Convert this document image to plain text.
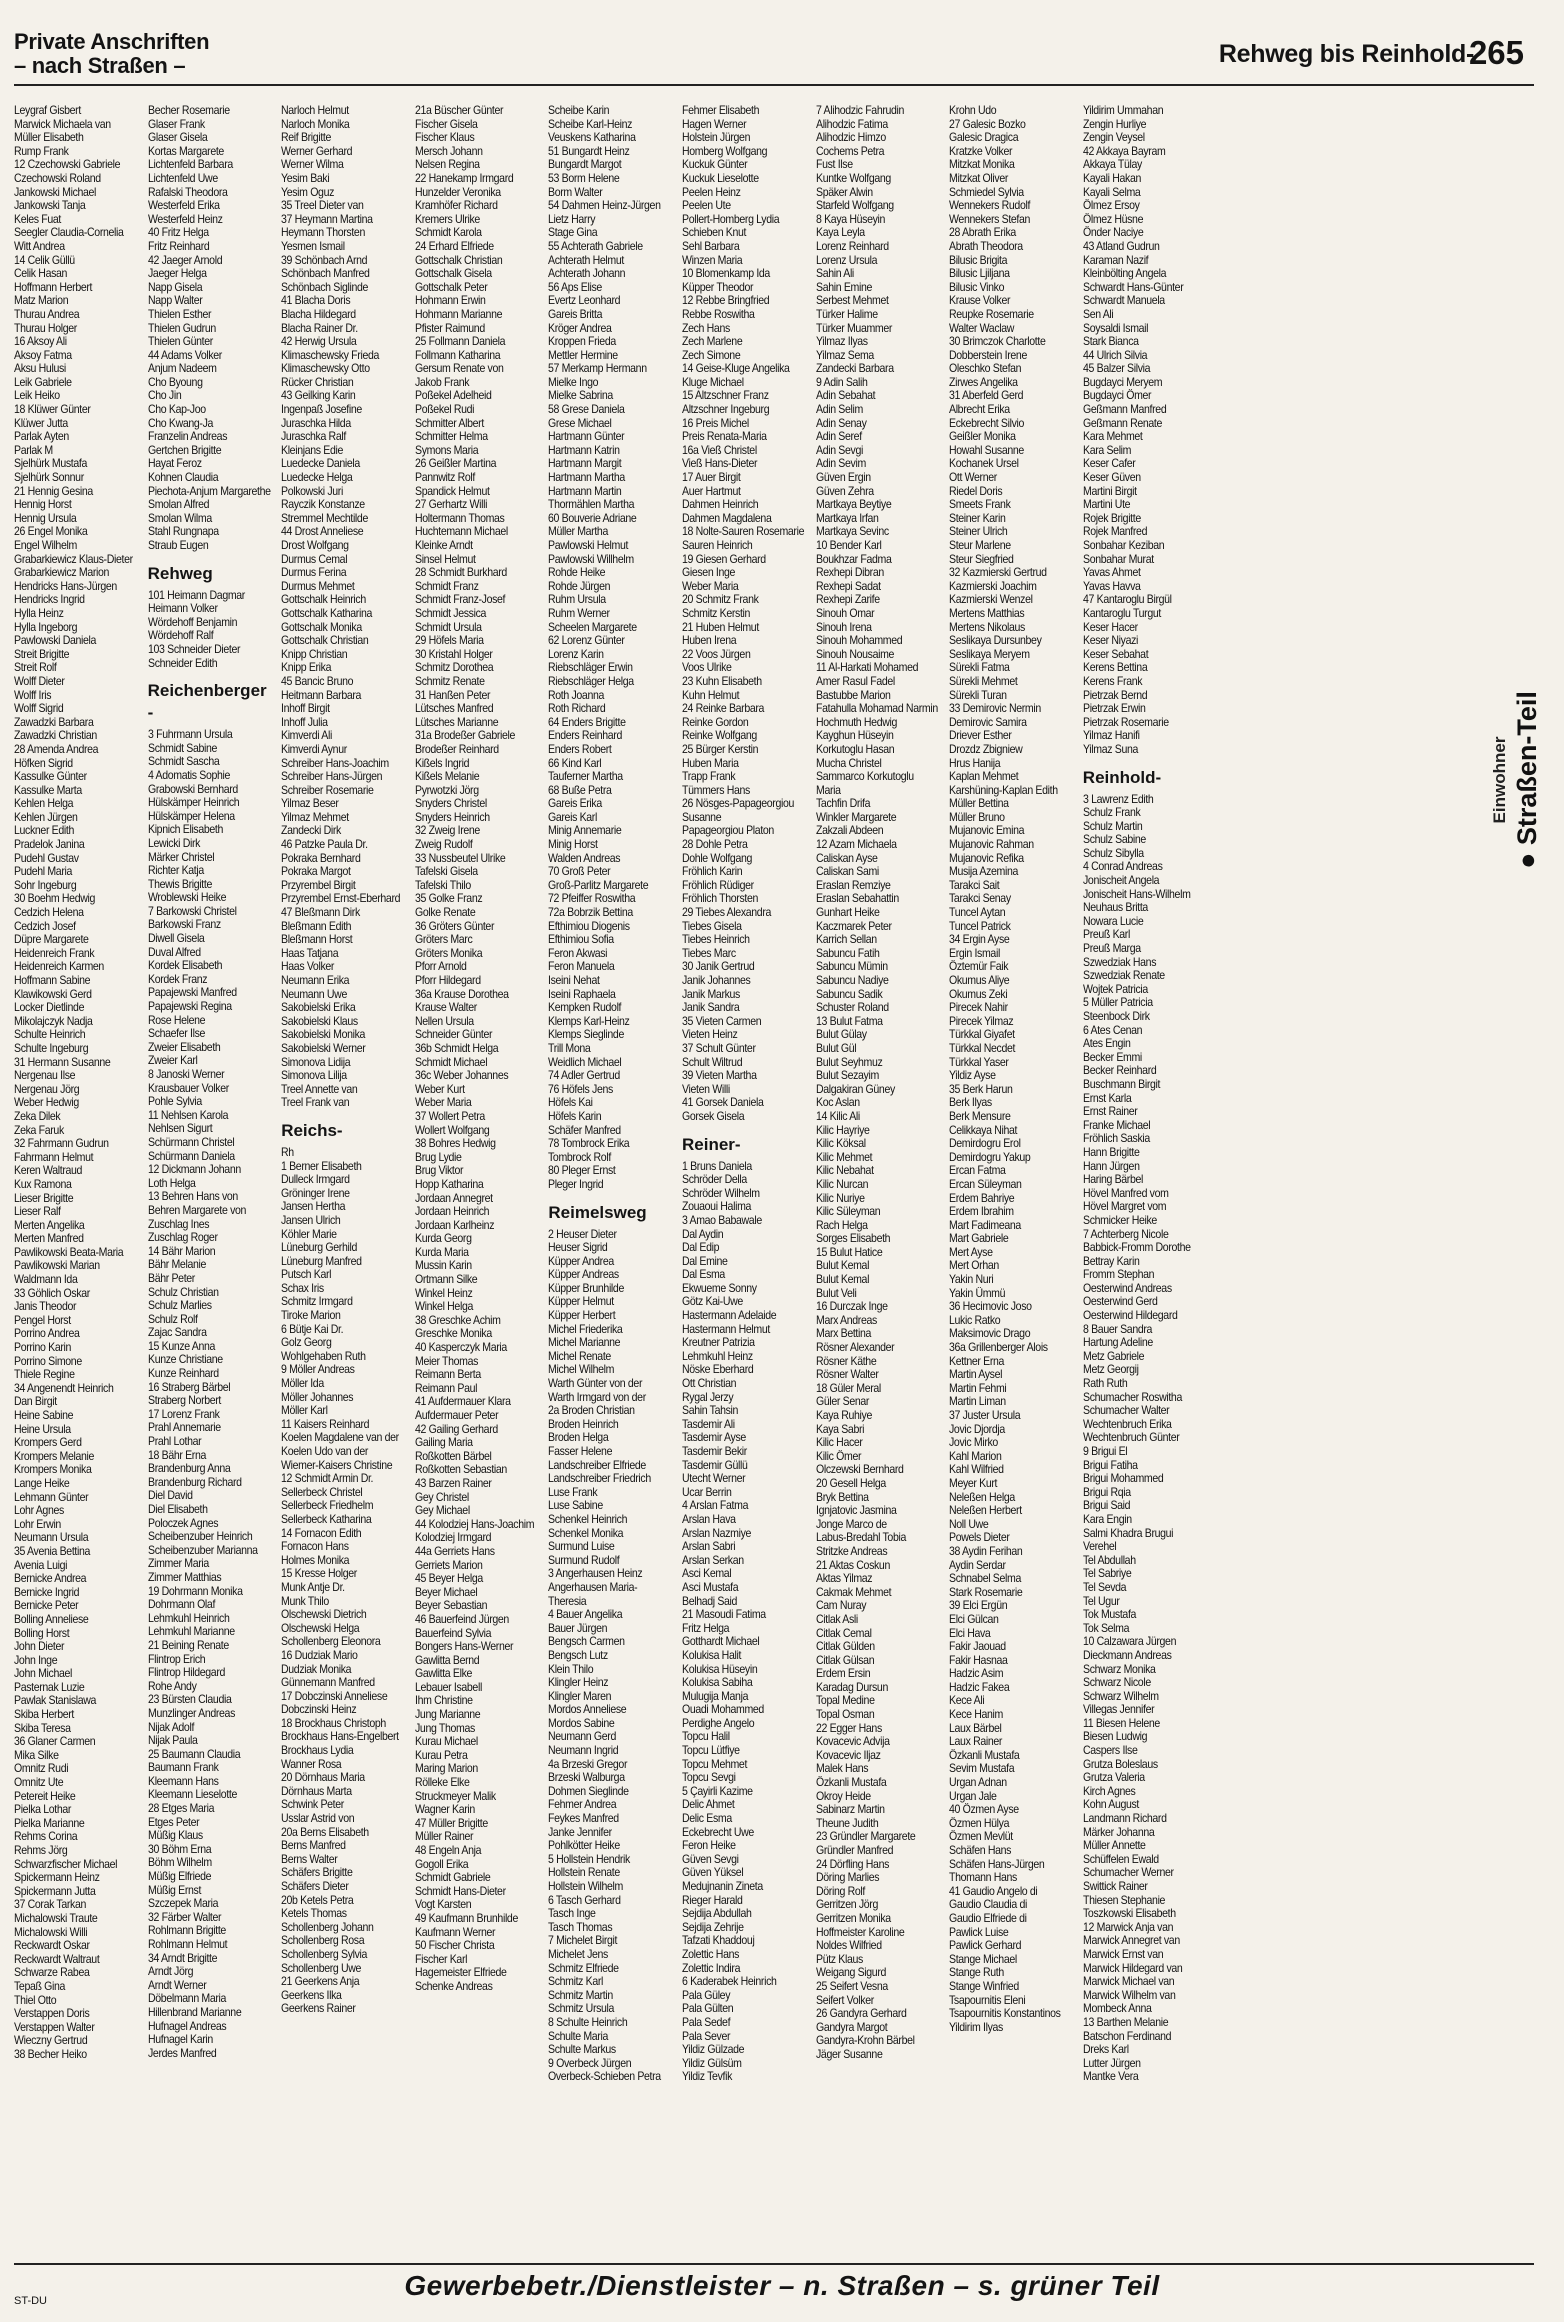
Private Anschriften
– nach Straßen –	Rehweg bis Reinhold-
265
Leygraf Gisbert
Marwick Michaela van
Müller Elisabeth
Rump Frank
12 Czechowski Gabriele
Czechowski Roland
Jankowski Michael
Jankowski Tanja
Keles Fuat
Seegler Claudia-Cornelia
Witt Andrea
14 Celik Güllü
Celik Hasan
Hoffmann Herbert
Matz Marion
Thurau Andrea
Thurau Holger
16 Aksoy Ali
Aksoy Fatma
Aksu Hulusi
Leik Gabriele
Leik Heiko
18 Klüwer Günter
Klüwer Jutta
Parlak Ayten
Parlak M
Sjelhürk Mustafa
Sjelhürk Sonnur
21 Hennig Gesina
Hennig Horst
Hennig Ursula
26 Engel Monika
Engel Wilhelm
Grabarkiewicz Klaus-Dieter
Grabarkiewicz Marion
Hendricks Hans-Jürgen
Hendricks Ingrid
Hylla Heinz
Hylla Ingeborg
Pawlowski Daniela
Streit Brigitte
Streit Rolf
Wolff Dieter
Wolff Iris
Wolff Sigrid
Zawadzki Barbara
Zawadzki Christian
28 Amenda Andrea
Höfken Sigrid
Kassulke Günter
Kassulke Marta
Kehlen Helga
Kehlen Jürgen
Luckner Edith
Pradelok Janina
Pudehl Gustav
Pudehl Maria
Sohr Ingeburg
30 Boehm Hedwig
Cedzich Helena
Cedzich Josef
Düpre Margarete
Heidenreich Frank
Heidenreich Karmen
Hoffmann Sabine
Klawikowski Gerd
Locker Dietlinde
Mikolajczyk Nadja
Schulte Heinrich
Schulte Ingeburg
31 Hermann Susanne
Nergenau Ilse
Nergenau Jörg
Weber Hedwig
Zeka Dilek
Zeka Faruk
32 Fahrmann Gudrun
Fahrmann Helmut
Keren Waltraud
Kux Ramona
Lieser Brigitte
Lieser Ralf
Merten Angelika
Merten Manfred
Pawlikowski Beata-Maria
Pawlikowski Marian
Waldmann Ida
33 Göhlich Oskar
Janis Theodor
Pengel Horst
Porrino Andrea
Porrino Karin
Porrino Simone
Thiele Regine
34 Angenendt Heinrich
Dan Birgit
Heine Sabine
Heine Ursula
Krompers Gerd
Krompers Melanie
Krompers Monika
Lange Heike
Lehmann Günter
Lohr Agnes
Lohr Erwin
Neumann Ursula
35 Avenia Bettina
Avenia Luigi
Bernicke Andrea
Bernicke Ingrid
Bernicke Peter
Bolling Anneliese
Bolling Horst
John Dieter
John Inge
John Michael
Pasternak Luzie
Pawlak Stanislawa
Skiba Herbert
Skiba Teresa
36 Glaner Carmen
Mika Silke
Omnitz Rudi
Omnitz Ute
Petereit Heike
Pielka Lothar
Pielka Marianne
Rehms Corina
Rehms Jörg
Schwarzfischer Michael
Spickermann Heinz
Spickermann Jutta
37 Corak Tarkan
Michalowski Traute
Michalowski Willi
Reckwardt Oskar
Reckwardt Waltraut
Schwarze Rabea
Tepaß Gina
Thiel Otto
Verstappen Doris
Verstappen Walter
Wieczny Gertrud
38 Becher Heiko
Becher Rosemarie
Glaser Frank
Glaser Gisela
Kortas Margarete
Lichtenfeld Barbara
Lichtenfeld Uwe
Rafalski Theodora
Westerfeld Erika
Westerfeld Heinz
40 Fritz Helga
Fritz Reinhard
42 Jaeger Arnold
Jaeger Helga
Napp Gisela
Napp Walter
Thielen Esther
Thielen Gudrun
Thielen Günter
44 Adams Volker
Anjum Nadeem
Cho Byoung
Cho Jin
Cho Kap-Joo
Cho Kwang-Ja
Franzelin Andreas
Gertchen Brigitte
Hayat Feroz
Kohnen Claudia
Piechota-Anjum Margarethe
Smolan Alfred
Smolan Wilma
Stahl Rungnapa
Straub Eugen
Rehweg
101 Heimann Dagmar
Heimann Volker
Wördehoff Benjamin
Wördehoff Ralf
103 Schneider Dieter
Schneider Edith
Reichenberger -
3 Fuhrmann Ursula
Schmidt Sabine
Schmidt Sascha
4 Adomatis Sophie
Grabowski Bernhard
Hülskämper Heinrich
Hülskämper Helena
Kipnich Elisabeth
Lewicki Dirk
Märker Christel
Richter Katja
Thewis Brigitte
Wroblewski Heike
7 Barkowski Christel
Barkowski Franz
Diwell Gisela
Duval Alfred
Kordek Elisabeth
Kordek Franz
Papajewski Manfred
Papajewski Regina
Rose Helene
Schaefer Ilse
Zweier Elisabeth
Zweier Karl
8 Janoski Werner
Krausbauer Volker
Pohle Sylvia
11 Nehlsen Karola
Nehlsen Sigurt
Schürmann Christel
Schürmann Daniela
12 Dickmann Johann
Loth Helga
13 Behren Hans von
Behren Margarete von
Zuschlag Ines
Zuschlag Roger
14 Bähr Marion
Bähr Melanie
Bähr Peter
Schulz Christian
Schulz Marlies
Schulz Rolf
Zajac Sandra
15 Kunze Anna
Kunze Christiane
Kunze Reinhard
16 Straberg Bärbel
Straberg Norbert
17 Lorenz Frank
Prahl Annemarie
Prahl Lothar
18 Bähr Erna
Brandenburg Anna
Brandenburg Richard
Diel David
Diel Elisabeth
Poloczek Agnes
Scheibenzuber Heinrich
Scheibenzuber Marianna
Zimmer Maria
Zimmer Matthias
19 Dohrmann Monika
Dohrmann Olaf
Lehmkuhl Heinrich
Lehmkuhl Marianne
21 Beining Renate
Flintrop Erich
Flintrop Hildegard
Rohe Andy
23 Bürsten Claudia
Munzlinger Andreas
Nijak Adolf
Nijak Paula
25 Baumann Claudia
Baumann Frank
Kleemann Hans
Kleemann Lieselotte
28 Etges Maria
Etges Peter
Müßig Klaus
30 Böhm Erna
Böhm Wilhelm
Müßig Elfriede
Müßig Ernst
Szczepek Maria
32 Färber Walter
Rohlmann Brigitte
Rohlmann Helmut
34 Arndt Brigitte
Arndt Jörg
Arndt Werner
Döbelmann Maria
Hillenbrand Marianne
Hufnagel Andreas
Hufnagel Karin
Jerdes Manfred
Narloch Helmut
Narloch Monika
Reif Brigitte
Werner Gerhard
Werner Wilma
Yesim Baki
Yesim Oguz
35 Treel Dieter van
37 Heymann Martina
Heymann Thorsten
Yesmen Ismail
39 Schönbach Arnd
Schönbach Manfred
Schönbach Siglinde
41 Blacha Doris
Blacha Hildegard
Blacha Rainer Dr.
42 Herwig Ursula
Klimaschewsky Frieda
Klimaschewsky Otto
Rücker Christian
43 Geilking Karin
Ingenpaß Josefine
Juraschka Hilda
Juraschka Ralf
Kleinjans Edie
Luedecke Daniela
Luedecke Helga
Polkowski Juri
Rayczik Konstanze
Stremmel Mechtilde
44 Drost Anneliese
Drost Wolfgang
Durmus Cemal
Durmus Ferina
Durmus Mehmet
Gottschalk Heinrich
Gottschalk Katharina
Gottschalk Monika
Gottschalk Christian
Knipp Christian
Knipp Erika
45 Bancic Bruno
Heitmann Barbara
Inhoff Birgit
Inhoff Julia
Kimverdi Ali
Kimverdi Aynur
Schreiber Hans-Joachim
Schreiber Hans-Jürgen
Schreiber Rosemarie
Yilmaz Beser
Yilmaz Mehmet
Zandecki Dirk
46 Patzke Paula Dr.
Pokraka Bernhard
Pokraka Margot
Przyrembel Birgit
Przyrembel Ernst-Eberhard
47 Bleßmann Dirk
Bleßmann Edith
Bleßmann Horst
Haas Tatjana
Haas Volker
Neumann Erika
Neumann Uwe
Sakobielski Erika
Sakobielski Klaus
Sakobielski Monika
Sakobielski Werner
Simonova Lidija
Simonova Lilija
Treel Annette van
Treel Frank van
Reichs-
Rh
1 Berner Elisabeth
Dulleck Irmgard
Gröninger Irene
Jansen Hertha
Jansen Ulrich
Köhler Marie
Lüneburg Gerhild
Lüneburg Manfred
Putsch Karl
Schax Iris
Schmitz Irmgard
Tiroke Marion
6 Bütje Kai Dr.
Golz Georg
Wohlgehaben Ruth
9 Möller Andreas
Möller Ida
Möller Johannes
Möller Karl
11 Kaisers Reinhard
Koelen Magdalene van der
Koelen Udo van der
Wiemer-Kaisers Christine
12 Schmidt Armin Dr.
Sellerbeck Christel
Sellerbeck Friedhelm
Sellerbeck Katharina
14 Fornacon Edith
Fornacon Hans
Holmes Monika
15 Kresse Holger
Munk Antje Dr.
Munk Thilo
Olschewski Dietrich
Olschewski Helga
Schollenberg Eleonora
16 Dudziak Mario
Dudziak Monika
Günnemann Manfred
17 Dobczinski Anneliese
Dobczinski Heinz
18 Brockhaus Christoph
Brockhaus Hans-Engelbert
Brockhaus Lydia
Wanner Rosa
20 Dörnhaus Maria
Dörnhaus Marta
Schwink Peter
Usslar Astrid von
20a Berns Elisabeth
Berns Manfred
Berns Walter
Schäfers Brigitte
Schäfers Dieter
20b Ketels Petra
Ketels Thomas
Schollenberg Johann
Schollenberg Rosa
Schollenberg Sylvia
Schollenberg Uwe
21 Geerkens Anja
Geerkens Ilka
Geerkens Rainer
21a Büscher Günter
Fischer Gisela
Fischer Klaus
Mersch Johann
Nelsen Regina
22 Hanekamp Irmgard
Hunzelder Veronika
Kramhöfer Richard
Kremers Ulrike
Schmidt Karola
24 Erhard Elfriede
Gottschalk Christian
Gottschalk Gisela
Gottschalk Peter
Hohmann Erwin
Hohmann Marianne
Pfister Raimund
25 Follmann Daniela
Follmann Katharina
Gersum Renate von
Jakob Frank
Poßekel Adelheid
Poßekel Rudi
Schmitter Albert
Schmitter Helma
Symons Maria
26 Geißler Martina
Pannwitz Rolf
Spandick Helmut
27 Gerhartz Willi
Holtermann Thomas
Huchtemann Michael
Kleinke Arndt
Sinsel Helmut
28 Schmidt Burkhard
Schmidt Franz
Schmidt Franz-Josef
Schmidt Jessica
Schmidt Ursula
29 Höfels Maria
30 Kristahl Holger
Schmitz Dorothea
Schmitz Renate
31 Hanßen Peter
Lütsches Manfred
Lütsches Marianne
31a Brodeßer Gabriele
Brodeßer Reinhard
Kißels Ingrid
Kißels Melanie
Pyrwotzki Jörg
Snyders Christel
Snyders Heinrich
32 Zweig Irene
Zweig Rudolf
33 Nussbeutel Ulrike
Tafelski Gisela
Tafelski Thilo
35 Golke Franz
Golke Renate
36 Gröters Günter
Gröters Marc
Gröters Monika
Pforr Arnold
Pforr Hildegard
36a Krause Dorothea
Krause Walter
Nellen Ursula
Schneider Günter
36b Schmidt Helga
Schmidt Michael
36c Weber Johannes
Weber Kurt
Weber Maria
37 Wollert Petra
Wollert Wolfgang
38 Bohres Hedwig
Brug Lydie
Brug Viktor
Hopp Katharina
Jordaan Annegret
Jordaan Heinrich
Jordaan Karlheinz
Kurda Georg
Kurda Maria
Mussin Karin
Ortmann Silke
Winkel Heinz
Winkel Helga
38 Greschke Achim
Greschke Monika
40 Kasperczyk Maria
Meier Thomas
Reimann Berta
Reimann Paul
41 Aufdermauer Klara
Aufdermauer Peter
42 Gailing Gerhard
Gailing Maria
Roßkotten Bärbel
Roßkotten Sebastian
43 Barzen Rainer
Gey Christel
Gey Michael
44 Kolodziej Hans-Joachim
Kolodziej Irmgard
44a Gerriets Hans
Gerriets Marion
45 Beyer Helga
Beyer Michael
Beyer Sebastian
46 Bauerfeind Jürgen
Bauerfeind Sylvia
Bongers Hans-Werner
Gawlitta Bernd
Gawlitta Elke
Lebauer Isabell
Ihm Christine
Jung Marianne
Jung Thomas
Kurau Michael
Kurau Petra
Maring Marion
Rölleke Elke
Struckmeyer Malik
Wagner Karin
47 Müller Brigitte
Müller Rainer
48 Engeln Anja
Gogoll Erika
Schmidt Gabriele
Schmidt Hans-Dieter
Vogt Karsten
49 Kaufmann Brunhilde
Kaufmann Werner
50 Fischer Christa
Fischer Karl
Hagemeister Elfriede
Schenke Andreas
Scheibe Karin
Scheibe Karl-Heinz
Veuskens Katharina
51 Bungardt Heinz
Bungardt Margot
53 Borm Helene
Borm Walter
54 Dahmen Heinz-Jürgen
Lietz Harry
Stage Gina
55 Achterath Gabriele
Achterath Helmut
Achterath Johann
56 Aps Elise
Evertz Leonhard
Gareis Britta
Kröger Andrea
Kroppen Frieda
Mettler Hermine
57 Merkamp Hermann
Mielke Ingo
Mielke Sabrina
58 Grese Daniela
Grese Michael
Hartmann Günter
Hartmann Katrin
Hartmann Margit
Hartmann Martha
Hartmann Martin
Thormählen Martha
60 Bouverie Adriane
Müller Martha
Pawlowski Helmut
Pawlowski Willhelm
Rohde Heike
Rohde Jürgen
Ruhm Ursula
Ruhm Werner
Scheelen Margarete
62 Lorenz Günter
Lorenz Karin
Riebschläger Erwin
Riebschläger Helga
Roth Joanna
Roth Richard
64 Enders Brigitte
Enders Reinhard
Enders Robert
66 Kind Karl
Tauferner Martha
68 Buße Petra
Gareis Erika
Gareis Karl
Minig Annemarie
Minig Horst
Walden Andreas
70 Groß Peter
Groß-Parlitz Margarete
72 Pfeiffer Roswitha
72a Bobrzik Bettina
Efthimiou Diogenis
Efthimiou Sofia
Feron Akwasi
Feron Manuela
Iseini Nehat
Iseini Raphaela
Kempken Rudolf
Klemps Karl-Heinz
Klemps Sieglinde
Trill Mona
Weidlich Michael
74 Adler Gertrud
76 Höfels Jens
Höfels Kai
Höfels Karin
Schäfer Manfred
78 Tombrock Erika
Tombrock Rolf
80 Pleger Ernst
Pleger Ingrid
Reimelsweg
2 Heuser Dieter
Heuser Sigrid
Küpper Andrea
Küpper Andreas
Küpper Brunhilde
Küpper Helmut
Küpper Herbert
Michel Friederika
Michel Marianne
Michel Renate
Michel Wilhelm
Warth Günter von der
Warth Irmgard von der
2a Broden Christian
Broden Heinrich
Broden Helga
Fasser Helene
Landschreiber Elfriede
Landschreiber Friedrich
Luse Frank
Luse Sabine
Schenkel Heinrich
Schenkel Monika
Surmund Luise
Surmund Rudolf
3 Angerhausen Heinz
Angerhausen Maria-
Theresia
4 Bauer Angelika
Bauer Jürgen
Bengsch Carmen
Bengsch Lutz
Klein Thilo
Klingler Heinz
Klingler Maren
Mordos Anneliese
Mordos Sabine
Neumann Gerd
Neumann Ingrid
4a Brzeski Gregor
Brzeski Walburga
Dohmen Sieglinde
Fehmer Andrea
Feykes Manfred
Janke Jennifer
Pohlkötter Heike
5 Hollstein Hendrik
Hollstein Renate
Hollstein Wilhelm
6 Tasch Gerhard
Tasch Inge
Tasch Thomas
7 Michelet Birgit
Michelet Jens
Schmitz Elfriede
Schmitz Karl
Schmitz Martin
Schmitz Ursula
8 Schulte Heinrich
Schulte Maria
Schulte Markus
9 Overbeck Jürgen
Overbeck-Schieben Petra
Fehmer Elisabeth
Hagen Werner
Holstein Jürgen
Homberg Wolfgang
Kuckuk Günter
Kuckuk Lieselotte
Peelen Heinz
Peelen Ute
Pollert-Homberg Lydia
Schieben Knut
Sehl Barbara
Winzen Maria
10 Blomenkamp Ida
Küpper Theodor
12 Rebbe Bringfried
Rebbe Roswitha
Zech Hans
Zech Marlene
Zech Simone
14 Geise-Kluge Angelika
Kluge Michael
15 Altzschner Franz
Altzschner Ingeburg
16 Preis Michel
Preis Renata-Maria
16a Vieß Christel
Vieß Hans-Dieter
17 Auer Birgit
Auer Hartmut
Dahmen Heinrich
Dahmen Magdalena
18 Nolte-Sauren Rosemarie
Sauren Heinrich
19 Giesen Gerhard
Giesen Inge
Weber Maria
20 Schmitz Frank
Schmitz Kerstin
21 Huben Helmut
Huben Irena
22 Voos Jürgen
Voos Ulrike
23 Kuhn Elisabeth
Kuhn Helmut
24 Reinke Barbara
Reinke Gordon
Reinke Wolfgang
25 Bürger Kerstin
Huben Maria
Trapp Frank
Tümmers Hans
26 Nösges-Papageorgiou
Susanne
Papageorgiou Platon
28 Dohle Petra
Dohle Wolfgang
Fröhlich Karin
Fröhlich Rüdiger
Fröhlich Thorsten
29 Tiebes Alexandra
Tiebes Gisela
Tiebes Heinrich
Tiebes Marc
30 Janik Gertrud
Janik Johannes
Janik Markus
Janik Sandra
35 Vieten Carmen
Vieten Heinz
37 Schult Günter
Schult Wiltrud
39 Vieten Martha
Vieten Willi
41 Gorsek Daniela
Gorsek Gisela
Reiner-
1 Bruns Daniela
Schröder Della
Schröder Wilhelm
Zouaoui Halima
3 Amao Babawale
Dal Aydin
Dal Edip
Dal Emine
Dal Esma
Ekwueme Sonny
Götz Kai-Uwe
Hastermann Adelaide
Hastermann Helmut
Kreutner Patrizia
Lehmkuhl Heinz
Nöske Eberhard
Ott Christian
Rygal Jerzy
Sahin Tahsin
Tasdemir Ali
Tasdemir Ayse
Tasdemir Bekir
Tasdemir Güllü
Utecht Werner
Ucar Berrin
4 Arslan Fatma
Arslan Hava
Arslan Nazmiye
Arslan Sabri
Arslan Serkan
Asci Kemal
Asci Mustafa
Belhadj Said
21 Masoudi Fatima
Fritz Helga
Gotthardt Michael
Kolukisa Halit
Kolukisa Hüseyin
Kolukisa Sabiha
Mulugija Manja
Ouadi Mohammed
Perdighe Angelo
Topcu Halil
Topcu Lütfiye
Topcu Mehmet
Topcu Sevgi
5 Çayirli Kazime
Delic Ahmet
Delic Esma
Eckebrecht Uwe
Feron Heike
Güven Sevgi
Güven Yüksel
Medujnanin Zineta
Rieger Harald
Sejdija Abdullah
Sejdija Zehrije
Tafzati Khaddouj
Zolettic Hans
Zolettic Indira
6 Kaderabek Heinrich
Pala Güley
Pala Gülten
Pala Sedef
Pala Sever
Yildiz Gülzade
Yildiz Gülsüm
Yildiz Tevfik
7 Alihodzic Fahrudin
Alihodzic Fatima
Alihodzic Himzo
Cochems Petra
Fust Ilse
Kuntke Wolfgang
Späker Alwin
Starfeld Wolfgang
8 Kaya Hüseyin
Kaya Leyla
Lorenz Reinhard
Lorenz Ursula
Sahin Ali
Sahin Emine
Serbest Mehmet
Türker Halime
Türker Muammer
Yilmaz Ilyas
Yilmaz Sema
Zandecki Barbara
9 Adin Salih
Adin Sebahat
Adin Selim
Adin Senay
Adin Seref
Adin Sevgi
Adin Sevim
Güven Ergin
Güven Zehra
Martkaya Beytiye
Martkaya Irfan
Martkaya Sevinc
10 Bender Karl
Boukhzar Fadma
Rexhepi Dibran
Rexhepi Sadat
Rexhepi Zarife
Sinouh Omar
Sinouh Irena
Sinouh Mohammed
Sinouh Nousaime
11 Al-Harkati Mohamed
Amer Rasul Fadel
Bastubbe Marion
Fatahulla Mohamad Narmin
Hochmuth Hedwig
Kayghun Hüseyin
Korkutoglu Hasan
Mucha Christel
Sammarco Korkutoglu
Maria
Tachfin Drifa
Winkler Margarete
Zakzali Abdeen
12 Azam Michaela
Caliskan Ayse
Caliskan Sami
Eraslan Remziye
Eraslan Sebahattin
Gunhart Heike
Kaczmarek Peter
Karrich Sellan
Sabuncu Fatih
Sabuncu Mümin
Sabuncu Nadiye
Sabuncu Sadik
Schuster Roland
13 Bulut Fatma
Bulut Gülay
Bulut Gül
Bulut Seyhmuz
Bulut Sezayim
Dalgakiran Güney
Koc Aslan
14 Kilic Ali
Kilic Hayriye
Kilic Köksal
Kilic Mehmet
Kilic Nebahat
Kilic Nurcan
Kilic Nuriye
Kilic Süleyman
Rach Helga
Sorges Elisabeth
15 Bulut Hatice
Bulut Kemal
Bulut Kemal
Bulut Veli
16 Durczak Inge
Marx Andreas
Marx Bettina
Rösner Alexander
Rösner Käthe
Rösner Walter
18 Güler Meral
Güler Senar
Kaya Ruhiye
Kaya Sabri
Kilic Hacer
Kilic Ömer
Olczewski Bernhard
20 Gesell Helga
Bryk Bettina
Ignjatovic Jasmina
Jonge Marco de
Labus-Bredahl Tobia
Stritzke Andreas
21 Aktas Coskun
Aktas Yilmaz
Cakmak Mehmet
Cam Nuray
Citlak Asli
Citlak Cemal
Citlak Gülden
Citlak Gülsan
Erdem Ersin
Karadag Dursun
Topal Medine
Topal Osman
22 Egger Hans
Kovacevic Advija
Kovacevic Iljaz
Malek Hans
Özkanli Mustafa
Okroy Heide
Sabinarz Martin
Theune Judith
23 Gründler Margarete
Gründler Manfred
24 Dörfling Hans
Döring Marlies
Döring Rolf
Gerritzen Jörg
Gerritzen Monika
Hoffmeister Karoline
Noldes Wilfried
Pütz Klaus
Weigang Sigurd
25 Seifert Vesna
Seifert Volker
26 Gandyra Gerhard
Gandyra Margot
Gandyra-Krohn Bärbel
Jäger Susanne
Krohn Udo
27 Galesic Bozko
Galesic Dragica
Kratzke Volker
Mitzkat Monika
Mitzkat Oliver
Schmiedel Sylvia
Wennekers Rudolf
Wennekers Stefan
28 Abrath Erika
Abrath Theodora
Bilusic Brigita
Bilusic Ljiljana
Bilusic Vinko
Krause Volker
Reupke Rosemarie
Walter Waclaw
30 Brimczok Charlotte
Dobberstein Irene
Oleschko Stefan
Zirwes Angelika
31 Aberfeld Gerd
Albrecht Erika
Eckebrecht Silvio
Geißler Monika
Howahl Susanne
Kochanek Ursel
Ott Werner
Riedel Doris
Smeets Frank
Steiner Karin
Steiner Ulrich
Steur Marlene
Steur Siegfried
32 Kazmierski Gertrud
Kazmierski Joachim
Kazmierski Wenzel
Mertens Matthias
Mertens Nikolaus
Seslikaya Dursunbey
Seslikaya Meryem
Sürekli Fatma
Sürekli Mehmet
Sürekli Turan
33 Demirovic Nermin
Demirovic Samira
Driever Esther
Drozdz Zbigniew
Hrus Hanija
Kaplan Mehmet
Karshüning-Kaplan Edith
Müller Bettina
Müller Bruno
Mujanovic Emina
Mujanovic Rahman
Mujanovic Refika
Musija Azemina
Tarakci Sait
Tarakci Senay
Tuncel Aytan
Tuncel Patrick
34 Ergin Ayse
Ergin Ismail
Öztemür Faik
Okumus Aliye
Okumus Zeki
Pirecek Nahir
Pirecek Yilmaz
Türkkal Giyafet
Türkkal Necdet
Türkkal Yaser
Yildiz Ayse
35 Berk Harun
Berk Ilyas
Berk Mensure
Celikkaya Nihat
Demirdogru Erol
Demirdogru Yakup
Ercan Fatma
Ercan Süleyman
Erdem Bahriye
Erdem Ibrahim
Mart Fadimeana
Mart Gabriele
Mert Ayse
Mert Orhan
Yakin Nuri
Yakin Ümmü
36 Hecimovic Joso
Lukic Ratko
Maksimovic Drago
36a Grillenberger Alois
Kettner Erna
Martin Aysel
Martin Fehmi
Martin Liman
37 Juster Ursula
Jovic Djordja
Jovic Mirko
Kahl Marion
Kahl Wilfried
Meyer Kurt
Neleßen Helga
Neleßen Herbert
Noll Uwe
Powels Dieter
38 Aydin Ferihan
Aydin Serdar
Schnabel Selma
Stark Rosemarie
39 Elci Ergün
Elci Gülcan
Elci Hava
Fakir Jaouad
Fakir Hasnaa
Hadzic Asim
Hadzic Fakea
Kece Ali
Kece Hanim
Laux Bärbel
Laux Rainer
Özkanli Mustafa
Sevim Mustafa
Urgan Adnan
Urgan Jale
40 Özmen Ayse
Özmen Hülya
Özmen Mevlüt
Schäfen Hans
Schäfen Hans-Jürgen
Thomann Hans
41 Gaudio Angelo di
Gaudio Claudia di
Gaudio Elfriede di
Pawlick Luise
Pawlick Gerhard
Stange Michael
Stange Ruth
Stange Winfried
Tsapournitis Eleni
Tsapournitis Konstantinos
Yildirim Ilyas
Yildirim Ummahan
Zengin Hurliye
Zengin Veysel
42 Akkaya Bayram
Akkaya Tülay
Kayali Hakan
Kayali Selma
Ölmez Ersoy
Ölmez Hüsne
Önder Naciye
43 Atland Gudrun
Karaman Nazif
Kleinbölting Angela
Schwardt Hans-Günter
Schwardt Manuela
Sen Ali
Soysaldi Ismail
Stark Bianca
44 Ulrich Silvia
45 Balzer Silvia
Bugdayci Meryem
Bugdayci Ömer
Geßmann Manfred
Geßmann Renate
Kara Mehmet
Kara Selim
Keser Cafer
Keser Güven
Martini Birgit
Martini Ute
Rojek Brigitte
Rojek Manfred
Sonbahar Keziban
Sonbahar Murat
Yavas Ahmet
Yavas Havva
47 Kantaroglu Birgül
Kantaroglu Turgut
Keser Hacer
Keser Niyazi
Keser Sebahat
Kerens Bettina
Kerens Frank
Pietrzak Bernd
Pietrzak Erwin
Pietrzak Rosemarie
Yilmaz Hanifi
Yilmaz Suna
Reinhold-
3 Lawrenz Edith
Schulz Frank
Schulz Martin
Schulz Sabine
Schulz Sibylla
4 Conrad Andreas
Jonischeit Angela
Jonischeit Hans-Wilhelm
Neuhaus Britta
Nowara Lucie
Preuß Karl
Preuß Marga
Szwedziak Hans
Szwedziak Renate
Wojtek Patricia
5 Müller Patricia
Steenbock Dirk
6 Ates Cenan
Ates Engin
Becker Emmi
Becker Reinhard
Buschmann Birgit
Ernst Karla
Ernst Rainer
Franke Michael
Fröhlich Saskia
Hann Brigitte
Hann Jürgen
Haring Bärbel
Hövel Manfred vom
Hövel Margret vom
Schmicker Heike
7 Achterberg Nicole
Babbick-Fromm Dorothe
Bettray Karin
Fromm Stephan
Oesterwind Andreas
Oesterwind Gerd
Oesterwind Hildegard
8 Bauer Sandra
Hartung Adeline
Metz Gabriele
Metz Georgij
Rath Ruth
Schumacher Roswitha
Schumacher Walter
Wechtenbruch Erika
Wechtenbruch Günter
9 Brigui El
Brigui Fatiha
Brigui Mohammed
Brigui Rqia
Brigui Said
Kara Engin
Salmi Khadra Brugui
Verehel
Tel Abdullah
Tel Sabriye
Tel Sevda
Tel Ugur
Tok Mustafa
Tok Selma
10 Calzawara Jürgen
Dieckmann Andreas
Schwarz Monika
Schwarz Nicole
Schwarz Wilhelm
Villegas Jennifer
11 Biesen Helene
Biesen Ludwig
Caspers Ilse
Grutza Boleslaus
Grutza Valeria
Kirch Agnes
Kohn August
Landmann Richard
Märker Johanna
Müller Annette
Schüffelen Ewald
Schumacher Werner
Swittick Rainer
Thiesen Stephanie
Toszkowski Elisabeth
12 Marwick Anja van
Marwick Annegret van
Marwick Ernst van
Marwick Hildegard van
Marwick Michael van
Marwick Wilhelm van
Mombeck Anna
13 Barthen Melanie
Batschon Ferdinand
Dreks Karl
Lutter Jürgen
Mantke Vera
Einwohner ● Straßen-Teil
Gewerbebetr./Dienstleister – n. Straßen – s. grüner Teil
ST-DU
